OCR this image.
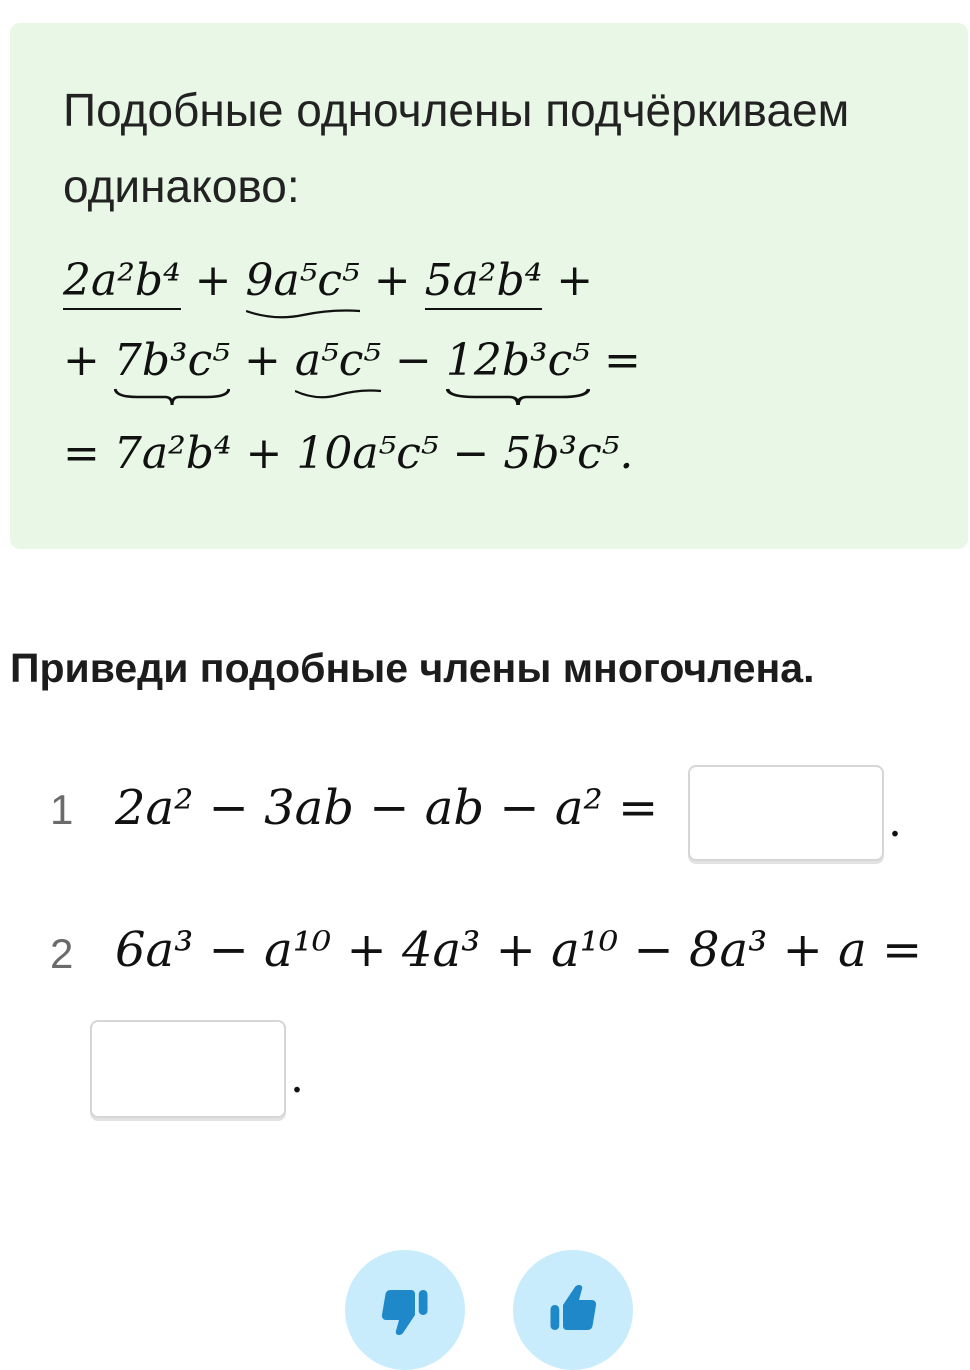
Подобные одночлены подчёркиваем одинаково:
2a²b⁴ + 9a⁵c⁵ + 5a²b⁴ +
+ 7b³c⁵ + a⁵c⁵ − 12b³c⁵ =
= 7a²b⁴ + 10a⁵c⁵ − 5b³c⁵.
Приведи подобные члены многочлена.
1 2a² − 3ab − ab − a² =	.
2 6a³ − a¹⁰ + 4a³ + a¹⁰ − 8a³ + a =
.
